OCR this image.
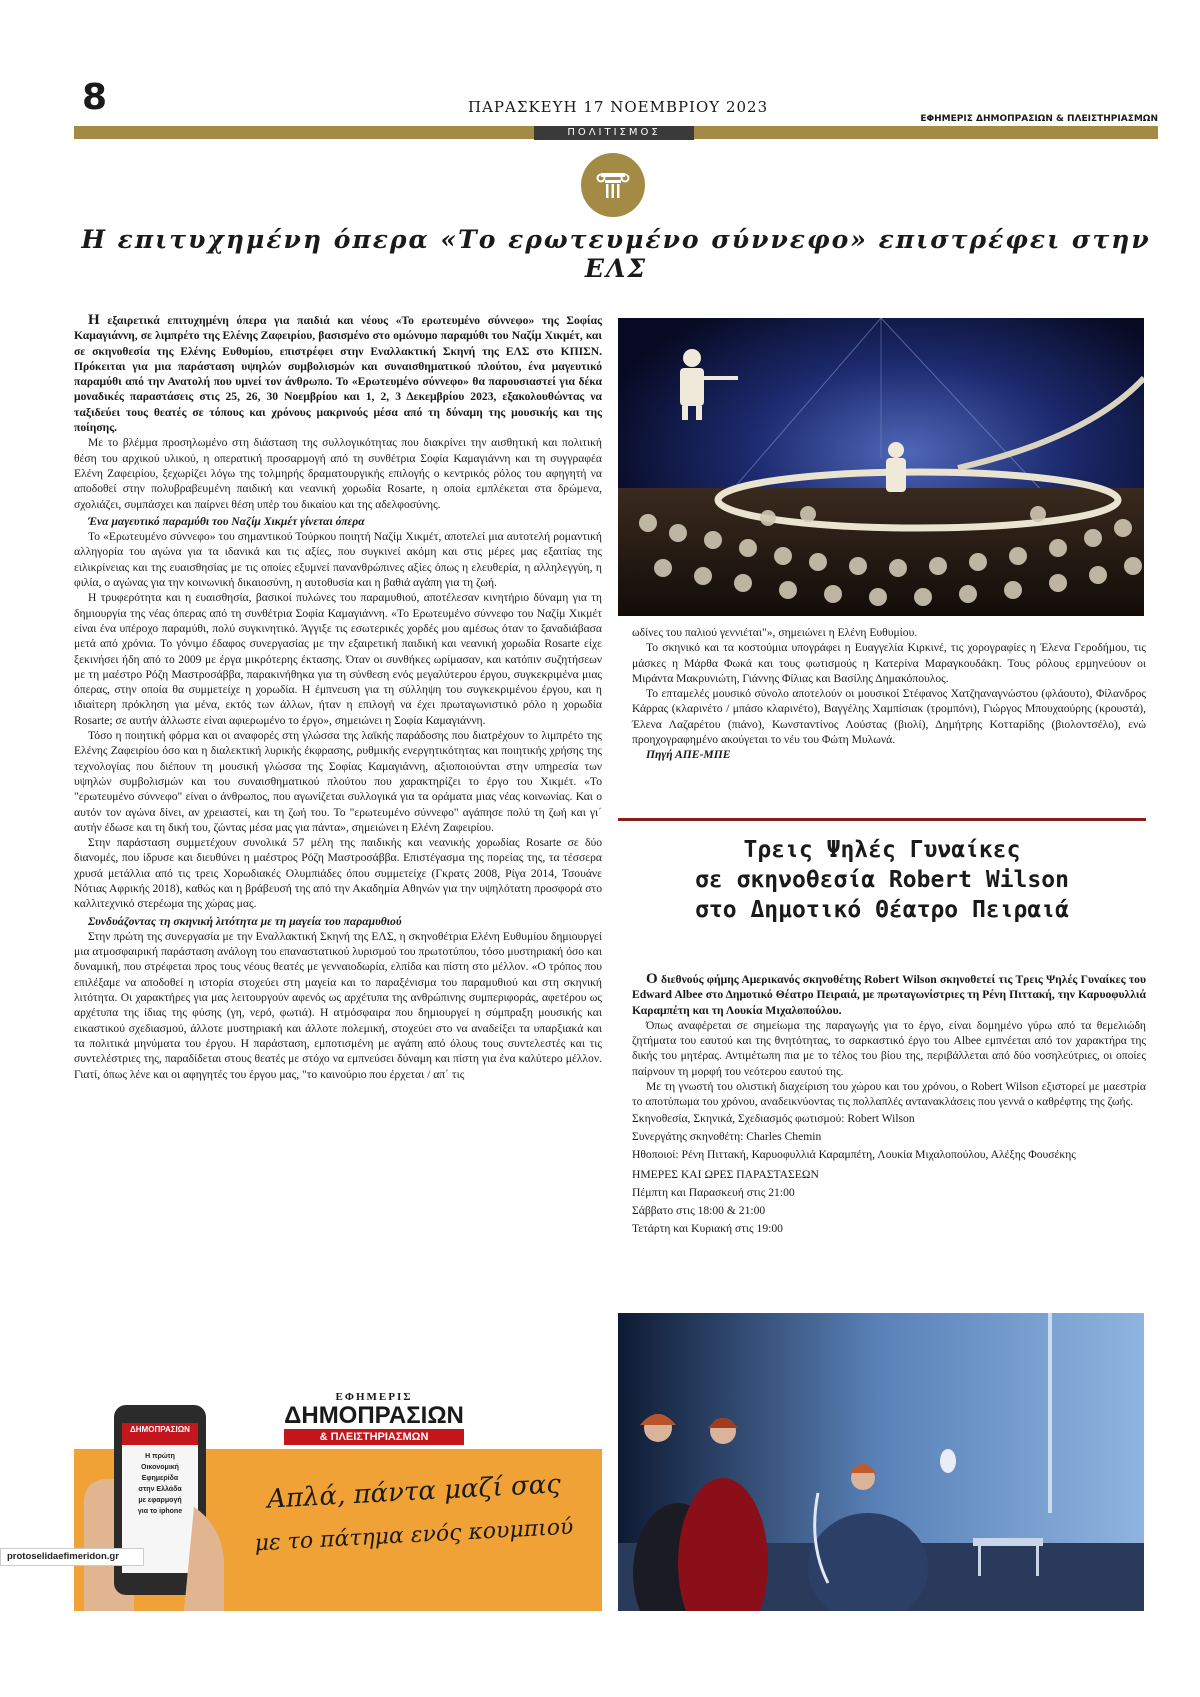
8	ΠΑΡΑΣΚΕΥΗ 17 ΝΟΕΜΒΡΙΟΥ 2023
ΕΦΗΜΕΡΙΣ ΔΗΜΟΠΡΑΣΙΩΝ & ΠΛΕΙΣΤΗΡΙΑΣΜΩΝ
ΠΟΛΙΤΙΣΜΟΣ
Η επιτυχημένη όπερα «Το ερωτευμένο σύννεφο» επιστρέφει στην ΕΛΣ

Η εξαιρετικά επιτυχημένη όπερα για παιδιά και νέους «Το ερωτευμένο σύννεφο» της Σοφίας Καμαγιάννη, σε λιμπρέτο της Ελένης Ζαφειρίου, βασισμένο στο ομώνυμο παραμύθι του Ναζίμ Χικμέτ, και σε σκηνοθεσία της Ελένης Ευθυμίου, επιστρέφει στην Εναλλακτική Σκηνή της ΕΛΣ στο ΚΠΙΣΝ. Πρόκειται για μια παράσταση υψηλών συμβολισμών και συναισθηματικού πλούτου, ένα μαγευτικό παραμύθι από την Ανατολή που υμνεί τον άνθρωπο. Το «Ερωτευμένο σύννεφο» θα παρουσιαστεί για δέκα μοναδικές παραστάσεις στις 25, 26, 30 Νοεμβρίου και 1, 2, 3 Δεκεμβρίου 2023, εξακολουθώντας να ταξιδεύει τους θεατές σε τόπους και χρόνους μακρινούς μέσα από τη δύναμη της μουσικής και της ποίησης.

Με το βλέμμα προσηλωμένο στη διάσταση της συλλογικότητας που διακρίνει την αισθητική και πολιτική θέση του αρχικού υλικού, η οπερατική προσαρμογή από τη συνθέτρια Σοφία Καμαγιάννη και τη συγγραφέα Ελένη Ζαφειρίου, ξεχωρίζει λόγω της τολμηρής δραματουργικής επιλογής ο κεντρικός ρόλος του αφηγητή να αποδοθεί στην πολυβραβευμένη παιδική και νεανική χορωδία Rosarte, η οποία εμπλέκεται στα δρώμενα, σχολιάζει, συμπάσχει και παίρνει θέση υπέρ του δικαίου και της αδελφοσύνης.

Ένα μαγευτικό παραμύθι του Ναζίμ Χικμέτ γίνεται όπερα

Το «Ερωτευμένο σύννεφο» του σημαντικού Τούρκου ποιητή Ναζίμ Χικμέτ, αποτελεί μια αυτοτελή ρομαντική αλληγορία του αγώνα για τα ιδανικά και τις αξίες, που συγκινεί ακόμη και στις μέρες μας εξαιτίας της ειλικρίνειας και της ευαισθησίας με τις οποίες εξυμνεί πανανθρώπινες αξίες όπως η ελευθερία, η αλληλεγγύη, η φιλία, ο αγώνας για την κοινωνική δικαιοσύνη, η αυτοθυσία και η βαθιά αγάπη για τη ζωή.

Η τρυφερότητα και η ευαισθησία, βασικοί πυλώνες του παραμυθιού, αποτέλεσαν κινητήριο δύναμη για τη δημιουργία της νέας όπερας από τη συνθέτρια Σοφία Καμαγιάννη. «Το Ερωτευμένο σύννεφο του Ναζίμ Χικμέτ είναι ένα υπέροχο παραμύθι, πολύ συγκινητικό. Άγγιξε τις εσωτερικές χορδές μου αμέσως όταν το ξαναδιάβασα μετά από χρόνια. Το γόνιμο έδαφος συνεργασίας με την εξαιρετική παιδική και νεανική χορωδία Rosarte είχε ξεκινήσει ήδη από το 2009 με έργα μικρότερης έκτασης. Όταν οι συνθήκες ωρίμασαν, και κατόπιν συζητήσεων με τη μαέστρο Ρόζη Μαστροσάββα, παρακινήθηκα για τη σύνθεση ενός μεγαλύτερου έργου, συγκεκριμένα μιας όπερας, στην οποία θα συμμετείχε η χορωδία. Η έμπνευση για τη σύλληψη του συγκεκριμένου έργου, και η ιδιαίτερη πρόκληση για μένα, εκτός των άλλων, ήταν η επιλογή να έχει πρωταγωνιστικό ρόλο η χορωδία Rosarte; σε αυτήν άλλωστε είναι αφιερωμένο το έργο», σημειώνει η Σοφία Καμαγιάννη.

Τόσο η ποιητική φόρμα και οι αναφορές στη γλώσσα της λαϊκής παράδοσης που διατρέχουν το λιμπρέτο της Ελένης Ζαφειρίου όσο και η διαλεκτική λυρικής έκφρασης, ρυθμικής ενεργητικότητας και ποιητικής χρήσης της τεχνολογίας που διέπουν τη μουσική γλώσσα της Σοφίας Καμαγιάννη, αξιοποιούνται στην υπηρεσία των υψηλών συμβολισμών και του συναισθηματικού πλούτου που χαρακτηρίζει το έργο του Χικμέτ. «Το "ερωτευμένο σύννεφο" είναι ο άνθρωπος, που αγωνίζεται συλλογικά για τα οράματα μιας νέας κοινωνίας. Και ο αυτόν τον αγώνα δίνει, αν χρειαστεί, και τη ζωή του. Το "ερωτευμένο σύννεφο" αγάπησε πολύ τη ζωή και γι΄ αυτήν έδωσε και τη δική του, ζώντας μέσα μας για πάντα», σημειώνει η Ελένη Ζαφειρίου.

Στην παράσταση συμμετέχουν συνολικά 57 μέλη της παιδικής και νεανικής χορωδίας Rosarte σε δύο διανομές, που ίδρυσε και διευθύνει η μαέστρος Ρόζη Μαστροσάββα. Επιστέγασμα της πορείας της, τα τέσσερα χρυσά μετάλλια από τις τρεις Χορωδιακές Ολυμπιάδες όπου συμμετείχε (Γκρατς 2008, Ρίγα 2014, Τσουάνε Νότιας Αφρικής 2018), καθώς και η βράβευσή της από την Ακαδημία Αθηνών για την υψηλότατη προσφορά στο καλλιτεχνικό στερέωμα της χώρας μας.

Συνδυάζοντας τη σκηνική λιτότητα με τη μαγεία του παραμυθιού

Στην πρώτη της συνεργασία με την Εναλλακτική Σκηνή της ΕΛΣ, η σκηνοθέτρια Ελένη Ευθυμίου δημιουργεί μια ατμοσφαιρική παράσταση ανάλογη του επαναστατικού λυρισμού του πρωτοτύπου, τόσο μυστηριακή όσο και δυναμική, που στρέφεται προς τους νέους θεατές με γενναιοδωρία, ελπίδα και πίστη στο μέλλον. «Ο τρόπος που επιλέξαμε να αποδοθεί η ιστορία στοχεύει στη μαγεία και το παραξένισμα του παραμυθιού και στη σκηνική λιτότητα. Οι χαρακτήρες για μας λειτουργούν αφενός ως αρχέτυπα της ανθρώπινης συμπεριφοράς, αφετέρου ως αρχέτυπα της ίδιας της φύσης (γη, νερό, φωτιά). Η ατμόσφαιρα που δημιουργεί η σύμπραξη μουσικής και εικαστικού σχεδιασμού, άλλοτε μυστηριακή και άλλοτε πολεμική, στοχεύει στο να αναδείξει τα υπαρξιακά και τα πολιτικά μηνύματα του έργου. Η παράσταση, εμποτισμένη με αγάπη από όλους τους συντελεστές και τις συντελέστριες της, παραδίδεται στους θεατές με στόχο να εμπνεύσει δύναμη και πίστη για ένα καλύτερο μέλλον. Γιατί, όπως λένε και οι αφηγητές του έργου μας, "το καινούριο που έρχεται / απ΄ τις

ωδίνες του παλιού γεννιέται"», σημειώνει η Ελένη Ευθυμίου.

Το σκηνικό και τα κοστούμια υπογράφει η Ευαγγελία Κιρκινέ, τις χορογραφίες η Έλενα Γεροδήμου, τις μάσκες η Μάρθα Φωκά και τους φωτισμούς η Κατερίνα Μαραγκουδάκη. Τους ρόλους ερμηνεύουν οι Μιράντα Μακρυνιώτη, Γιάννης Φίλιας και Βασίλης Δημακόπουλος.

Το επταμελές μουσικό σύνολο αποτελούν οι μουσικοί Στέφανος Χατζηαναγνώστου (φλάουτο), Φίλανδρος Κάρρας (κλαρινέτο / μπάσο κλαρινέτο), Βαγγέλης Χαμπίσιακ (τρομπόνι), Γιώργος Μπουχαούρης (κρουστά), Έλενα Λαζαρέτου (πιάνο), Κωνσταντίνος Λούστας (βιολί), Δημήτρης Κοτταρίδης (βιολοντσέλο), ενώ προηχογραφημένο ακούγεται το νέυ του Φώτη Μυλωνά.

Πηγή ΑΠΕ-ΜΠΕ

Τρεις Ψηλές Γυναίκες
σε σκηνοθεσία Robert Wilson
στο Δημοτικό Θέατρο Πειραιά

Ο διεθνούς φήμης Αμερικανός σκηνοθέτης Robert Wilson σκηνοθετεί τις Τρεις Ψηλές Γυναίκες του Edward Albee στο Δημοτικό Θέατρο Πειραιά, με πρωταγωνίστριες τη Ρένη Πιττακή, την Καρυοφυλλιά Καραμπέτη και τη Λουκία Μιχαλοπούλου.

Όπως αναφέρεται σε σημείωμα της παραγωγής για το έργο, είναι δομημένο γύρω από τα θεμελιώδη ζητήματα του εαυτού και της θνητότητας, το σαρκαστικό έργο του Albee εμπνέεται από τον χαρακτήρα της δικής του μητέρας. Αντιμέτωπη πια με το τέλος του βίου της, περιβάλλεται από δύο νοσηλεύτριες, οι οποίες παίρνουν τη μορφή του νεότερου εαυτού της.

Με τη γνωστή του ολιστική διαχείριση του χώρου και του χρόνου, ο Robert Wilson εξιστορεί με μαεστρία το αποτύπωμα του χρόνου, αναδεικνύοντας τις πολλαπλές αντανακλάσεις που γεννά ο καθρέφτης της ζωής.

Σκηνοθεσία, Σκηνικά, Σχεδιασμός φωτισμού: Robert Wilson
Συνεργάτης σκηνοθέτη: Charles Chemin
Ηθοποιοί: Ρένη Πιττακή, Καρυοφυλλιά Καραμπέτη, Λουκία Μιχαλοπούλου, Αλέξης Φουσέκης
ΗΜΕΡΕΣ ΚΑΙ ΩΡΕΣ ΠΑΡΑΣΤΑΣΕΩΝ
Πέμπτη και Παρασκευή στις 21:00
Σάββατο στις 18:00 & 21:00
Τετάρτη και Κυριακή στις 19:00
ΔΗΜΟΠΡΑΣΙΩΝ
Η πρώτη
Οικονομική
Εφημερίδα
στην Ελλάδα
με εφαρμογή
για το iphone
ΕΦΗΜΕΡΙΣ
ΔΗΜΟΠΡΑΣΙΩΝ
& ΠΛΕΙΣΤΗΡΙΑΣΜΩΝ
Απλά, πάντα μαζί σας
με το πάτημα ενός κουμπιού
protoselidaefimeridon.gr
